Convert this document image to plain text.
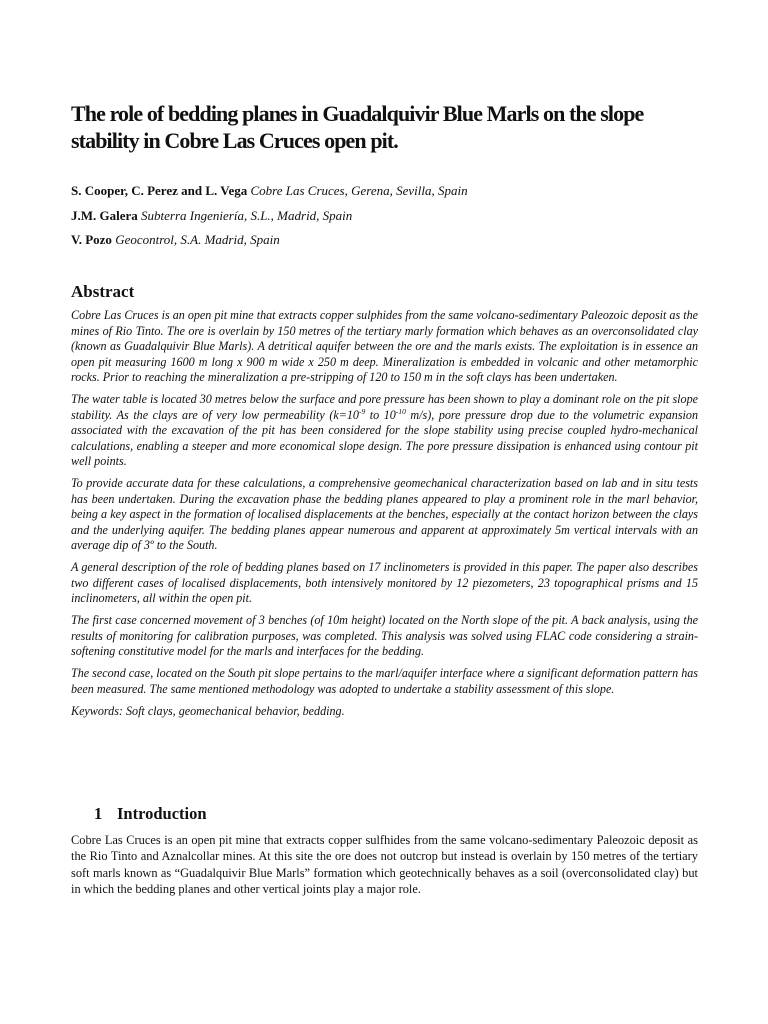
The role of bedding planes in Guadalquivir Blue Marls on the slope stability in Cobre Las Cruces open pit.
S. Cooper, C. Perez and L. Vega Cobre Las Cruces, Gerena, Sevilla, Spain
J.M. Galera Subterra Ingeniería, S.L., Madrid, Spain
V. Pozo Geocontrol, S.A. Madrid, Spain
Abstract

Cobre Las Cruces is an open pit mine that extracts copper sulphides from the same volcano-sedimentary Paleozoic deposit as the mines of Rio Tinto. The ore is overlain by 150 metres of the tertiary marly formation which behaves as an overconsolidated clay (known as Guadalquivir Blue Marls). A detritical aquifer between the ore and the marls exists. The exploitation is in essence an open pit measuring 1600 m long x 900 m wide x 250 m deep. Mineralization is embedded in volcanic and other metamorphic rocks. Prior to reaching the mineralization a pre-stripping of 120 to 150 m in the soft clays has been undertaken.

The water table is located 30 metres below the surface and pore pressure has been shown to play a dominant role on the pit slope stability. As the clays are of very low permeability ($k=10^{-9}$ to $10^{-10}$ m/s), pore pressure drop due to the volumetric expansion associated with the excavation of the pit has been considered for the slope stability using precise coupled hydro-mechanical calculations, enabling a steeper and more economical slope design. The pore pressure dissipation is enhanced using contour pit well points.

To provide accurate data for these calculations, a comprehensive geomechanical characterization based on lab and in situ tests has been undertaken. During the excavation phase the bedding planes appeared to play a prominent role in the marl behavior, being a key aspect in the formation of localised displacements at the benches, especially at the contact horizon between the clays and the underlying aquifer. The bedding planes appear numerous and apparent at approximately 5m vertical intervals with an average dip of 3º to the South.

A general description of the role of bedding planes based on 17 inclinometers is provided in this paper. The paper also describes two different cases of localised displacements, both intensively monitored by 12 piezometers, 23 topographical prisms and 15 inclinometers, all within the open pit.

The first case concerned movement of 3 benches (of 10m height) located on the North slope of the pit. A back analysis, using the results of monitoring for calibration purposes, was completed. This analysis was solved using FLAC code considering a strain-softening constitutive model for the marls and interfaces for the bedding.

The second case, located on the South pit slope pertains to the marl/aquifer interface where a significant deformation pattern has been measured. The same mentioned methodology was adopted to undertake a stability assessment of this slope.

Keywords: Soft clays, geomechanical behavior, bedding.

1 Introduction

Cobre Las Cruces is an open pit mine that extracts copper sulfhides from the same volcano-sedimentary Paleozoic deposit as the Rio Tinto and Aznalcollar mines. At this site the ore does not outcrop but instead is overlain by 150 metres of the tertiary soft marls known as “Guadalquivir Blue Marls” formation which geotechnically behaves as a soil (overconsolidated clay) but in which the bedding planes and other vertical joints play a major role.
